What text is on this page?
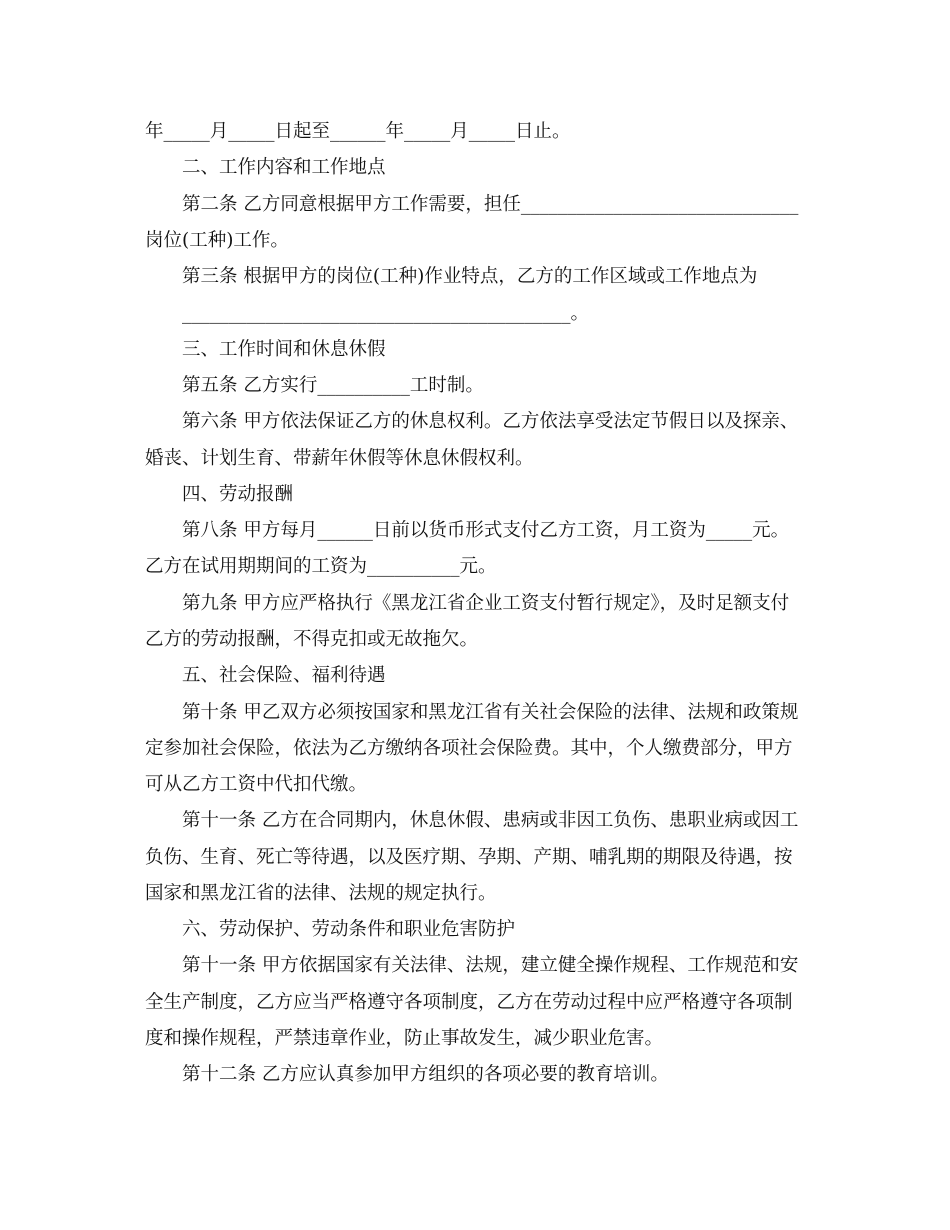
年_____月_____日起至______年_____月_____日止。
二、工作内容和工作地点
第二条 乙方同意根据甲方工作需要，担任______________________________
岗位(工种)工作。
第三条 根据甲方的岗位(工种)作业特点，乙方的工作区域或工作地点为
__________________________________________。
三、工作时间和休息休假
第五条 乙方实行__________工时制。
第六条 甲方依法保证乙方的休息权利。乙方依法享受法定节假日以及探亲、
婚丧、计划生育、带薪年休假等休息休假权利。
四、劳动报酬
第八条 甲方每月______日前以货币形式支付乙方工资，月工资为_____元。
乙方在试用期期间的工资为__________元。
第九条 甲方应严格执行《黑龙江省企业工资支付暂行规定》，及时足额支付
乙方的劳动报酬，不得克扣或无故拖欠。
五、社会保险、福利待遇
第十条 甲乙双方必须按国家和黑龙江省有关社会保险的法律、法规和政策规
定参加社会保险，依法为乙方缴纳各项社会保险费。其中，个人缴费部分，甲方
可从乙方工资中代扣代缴。
第十一条 乙方在合同期内，休息休假、患病或非因工负伤、患职业病或因工
负伤、生育、死亡等待遇，以及医疗期、孕期、产期、哺乳期的期限及待遇，按
国家和黑龙江省的法律、法规的规定执行。
六、劳动保护、劳动条件和职业危害防护
第十一条 甲方依据国家有关法律、法规，建立健全操作规程、工作规范和安
全生产制度，乙方应当严格遵守各项制度，乙方在劳动过程中应严格遵守各项制
度和操作规程，严禁违章作业，防止事故发生，减少职业危害。
第十二条 乙方应认真参加甲方组织的各项必要的教育培训。
